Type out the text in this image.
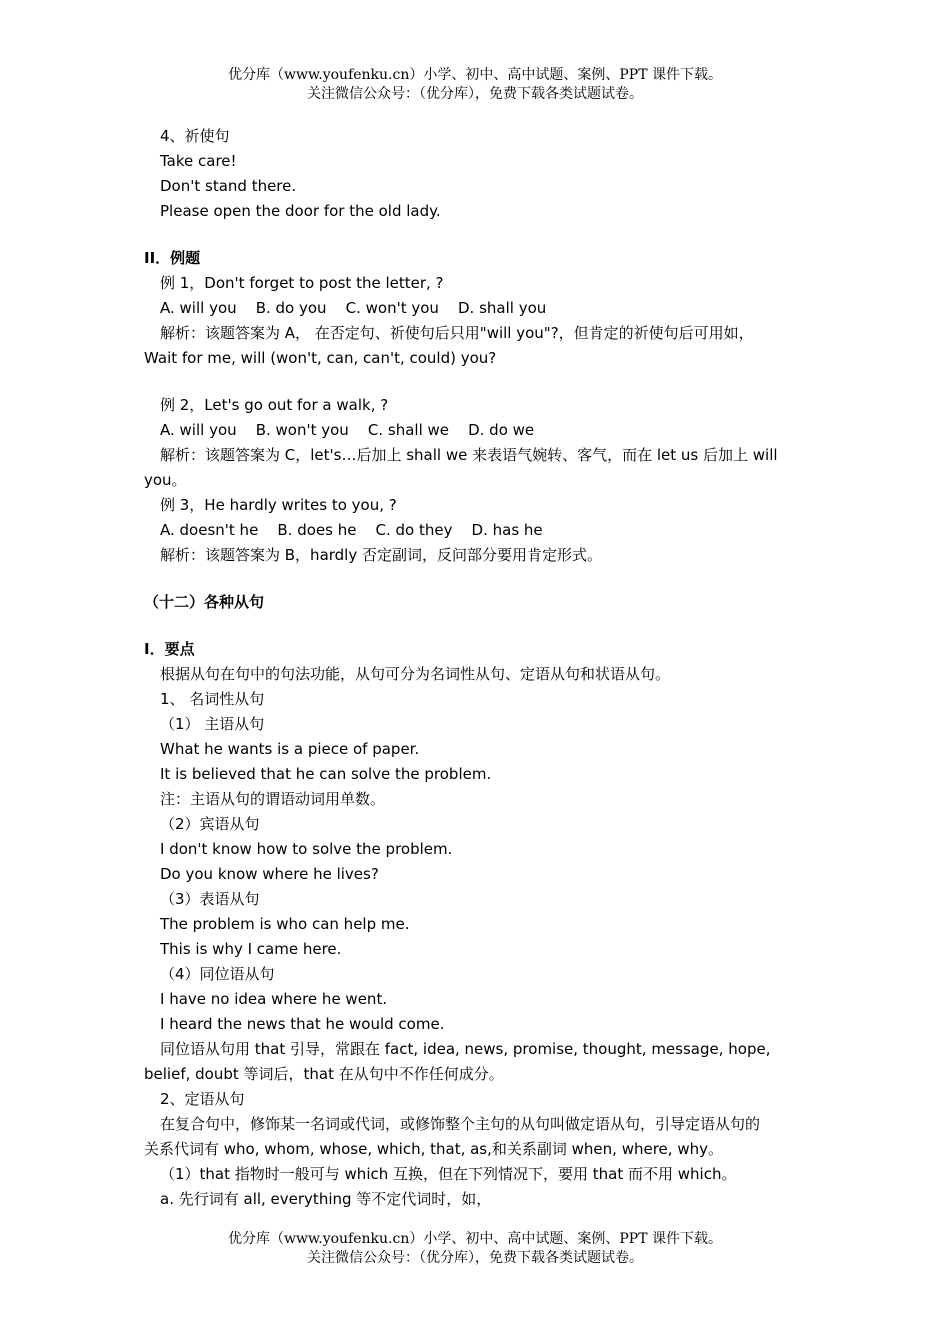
优分库（www.youfenku.cn）小学、初中、高中试题、案例、PPT 课件下载。
关注微信公众号：（优分库），免费下载各类试题试卷。
4、祈使句
Take care!
Don't stand there.
Please open the door for the old lady.
II．例题
例 1，Don't forget to post the letter, ?
A. will you    B. do you    C. won't you    D. shall you
解析：该题答案为 A， 在否定句、祈使句后只用"will you"?，但肯定的祈使句后可用如，
Wait for me, will (won't, can, can't, could) you?
例 2，Let's go out for a walk, ?
A. will you    B. won't you    C. shall we    D. do we
解析：该题答案为 C，let's…后加上 shall we 来表语气婉转、客气，而在 let us 后加上 will
you。
例 3，He hardly writes to you, ?
A. doesn't he    B. does he    C. do they    D. has he
解析：该题答案为 B，hardly 否定副词，反问部分要用肯定形式。
（十二）各种从句
I．要点
根据从句在句中的句法功能，从句可分为名词性从句、定语从句和状语从句。
1、 名词性从句
（1） 主语从句
What he wants is a piece of paper.
It is believed that he can solve the problem.
注：主语从句的谓语动词用单数。
（2）宾语从句
I don't know how to solve the problem.
Do you know where he lives?
（3）表语从句
The problem is who can help me.
This is why I came here.
（4）同位语从句
I have no idea where he went.
I heard the news that he would come.
同位语从句用 that 引导，常跟在 fact, idea, news, promise, thought, message, hope,
belief, doubt 等词后，that 在从句中不作任何成分。
2、定语从句
在复合句中，修饰某一名词或代词，或修饰整个主句的从句叫做定语从句，引导定语从句的
关系代词有 who, whom, whose, which, that, as,和关系副词 when, where, why。
（1）that 指物时一般可与 which 互换，但在下列情况下，要用 that 而不用 which。
a. 先行词有 all, everything 等不定代词时，如，
优分库（www.youfenku.cn）小学、初中、高中试题、案例、PPT 课件下载。
关注微信公众号：（优分库），免费下载各类试题试卷。
